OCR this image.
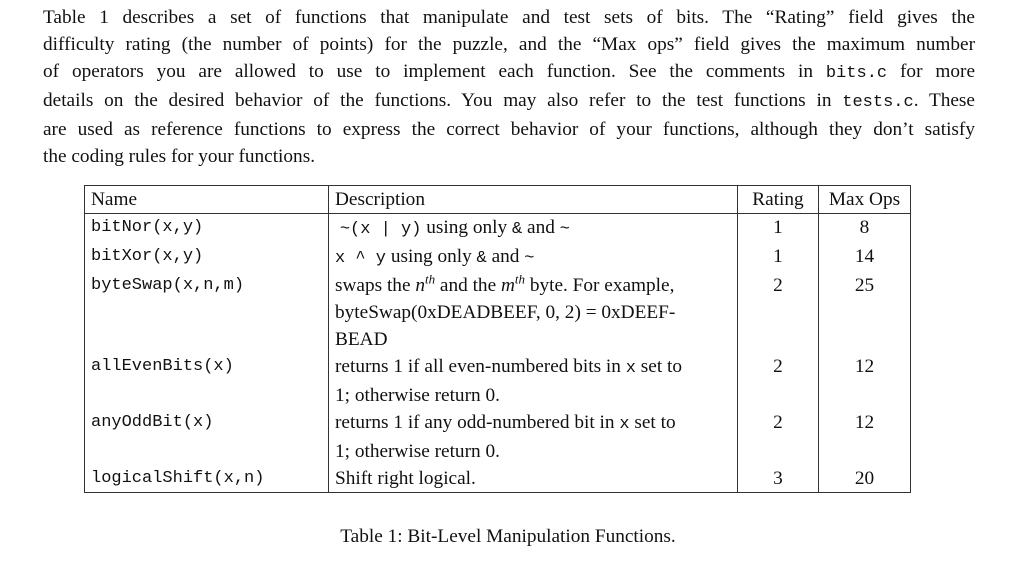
Table 1 describes a set of functions that manipulate and test sets of bits. The “Rating” field gives the
difficulty rating (the number of points) for the puzzle, and the “Max ops” field gives the maximum number
of operators you are allowed to use to implement each function. See the comments in bits.c for more
details on the desired behavior of the functions. You may also refer to the test functions in tests.c. These
are used as reference functions to express the correct behavior of your functions, although they don’t satisfy
the coding rules for your functions.
Name	Description	Rating	Max Ops
bitNor(x,y)	~(x | y) using only & and ~	1	8
bitXor(x,y)	x ^ y using only & and ~	1	14
byteSwap(x,n,m)	swaps the $n^{th}$ and the $m^{th}$ byte. For example,
byteSwap(0xDEADBEEF, 0, 2) = 0xDEEF-
BEAD	2	25
allEvenBits(x)	returns 1 if all even-numbered bits in x set to
1; otherwise return 0.	2	12
anyOddBit(x)	returns 1 if any odd-numbered bit in x set to
1; otherwise return 0.	2	12
logicalShift(x,n)	Shift right logical.	3	20
Table 1: Bit-Level Manipulation Functions.
